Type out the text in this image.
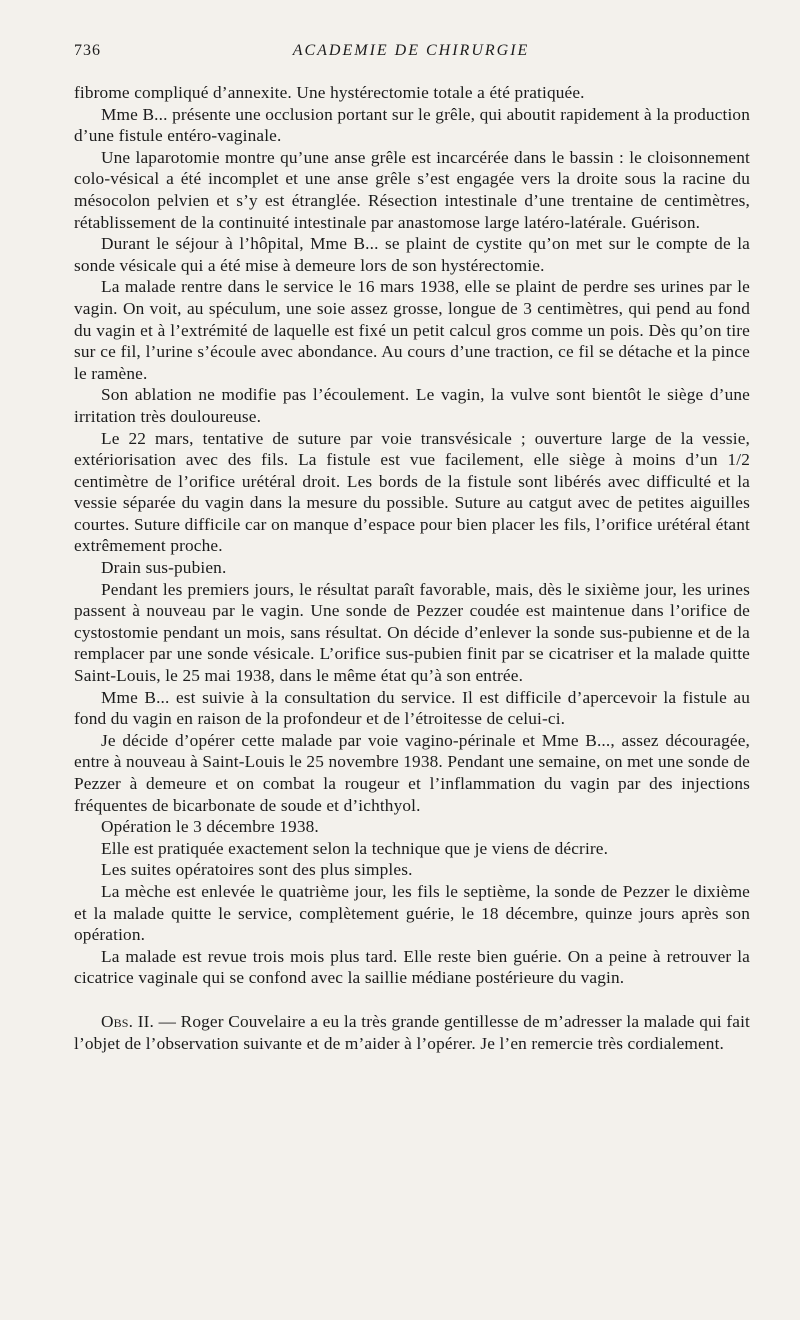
736	ACADEMIE DE CHIRURGIE

fibrome compliqué d’annexite. Une hystérectomie totale a été pratiquée.

Mme B... présente une occlusion portant sur le grêle, qui aboutit rapidement à la production d’une fistule entéro-vaginale.

Une laparotomie montre qu’une anse grêle est incarcérée dans le bassin : le cloisonnement colo-vésical a été incomplet et une anse grêle s’est engagée vers la droite sous la racine du mésocolon pelvien et s’y est étranglée. Résection intestinale d’une trentaine de centimètres, rétablissement de la continuité intestinale par anastomose large latéro-latérale. Guérison.

Durant le séjour à l’hôpital, Mme B... se plaint de cystite qu’on met sur le compte de la sonde vésicale qui a été mise à demeure lors de son hystérectomie.

La malade rentre dans le service le 16 mars 1938, elle se plaint de perdre ses urines par le vagin. On voit, au spéculum, une soie assez grosse, longue de 3 centimètres, qui pend au fond du vagin et à l’extrémité de laquelle est fixé un petit calcul gros comme un pois. Dès qu’on tire sur ce fil, l’urine s’écoule avec abondance. Au cours d’une traction, ce fil se détache et la pince le ramène.

Son ablation ne modifie pas l’écoulement. Le vagin, la vulve sont bientôt le siège d’une irritation très douloureuse.

Le 22 mars, tentative de suture par voie transvésicale ; ouverture large de la vessie, extériorisation avec des fils. La fistule est vue facilement, elle siège à moins d’un 1/2 centimètre de l’orifice urétéral droit. Les bords de la fistule sont libérés avec difficulté et la vessie séparée du vagin dans la mesure du possible. Suture au catgut avec de petites aiguilles courtes. Suture difficile car on manque d’espace pour bien placer les fils, l’orifice urétéral étant extrêmement proche.

Drain sus-pubien.

Pendant les premiers jours, le résultat paraît favorable, mais, dès le sixième jour, les urines passent à nouveau par le vagin. Une sonde de Pezzer coudée est maintenue dans l’orifice de cystostomie pendant un mois, sans résultat. On décide d’enlever la sonde sus-pubienne et de la remplacer par une sonde vésicale. L’orifice sus-pubien finit par se cicatriser et la malade quitte Saint-Louis, le 25 mai 1938, dans le même état qu’à son entrée.

Mme B... est suivie à la consultation du service. Il est difficile d’apercevoir la fistule au fond du vagin en raison de la profondeur et de l’étroitesse de celui-ci.

Je décide d’opérer cette malade par voie vagino-périnale et Mme B..., assez découragée, entre à nouveau à Saint-Louis le 25 novembre 1938. Pendant une semaine, on met une sonde de Pezzer à demeure et on combat la rougeur et l’inflammation du vagin par des injections fréquentes de bicarbonate de soude et d’ichthyol.

Opération le 3 décembre 1938.

Elle est pratiquée exactement selon la technique que je viens de décrire.

Les suites opératoires sont des plus simples.

La mèche est enlevée le quatrième jour, les fils le septième, la sonde de Pezzer le dixième et la malade quitte le service, complètement guérie, le 18 décembre, quinze jours après son opération.

La malade est revue trois mois plus tard. Elle reste bien guérie. On a peine à retrouver la cicatrice vaginale qui se confond avec la saillie médiane postérieure du vagin.

Obs. II. — Roger Couvelaire a eu la très grande gentillesse de m’adresser la malade qui fait l’objet de l’observation suivante et de m’aider à l’opérer. Je l’en remercie très cordialement.
